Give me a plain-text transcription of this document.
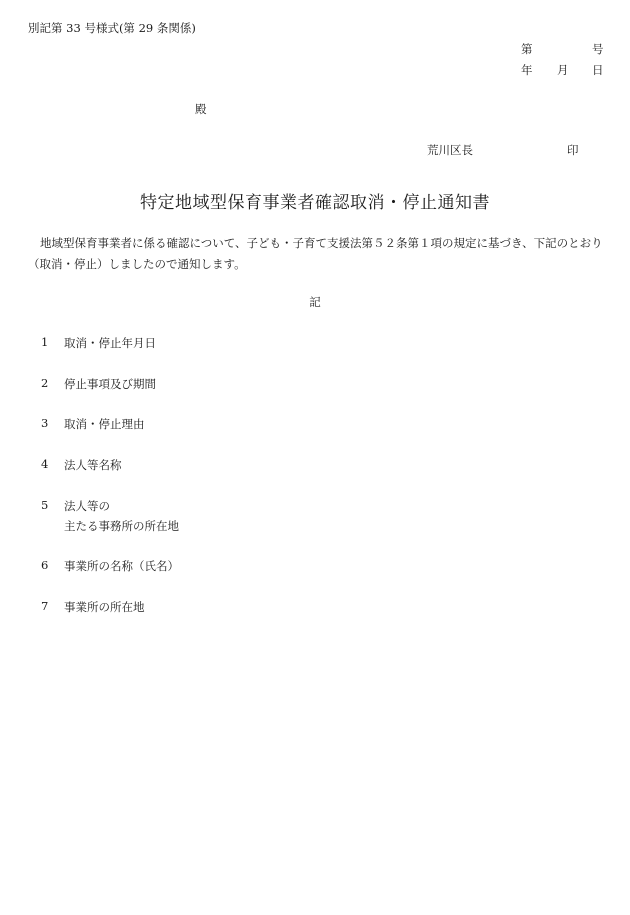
別記第 33 号様式(第 29 条関係)
第	号
年 月 日
殿
荒川区長	印
特定地域型保育事業者確認取消・停止通知書
地域型保育事業者に係る確認について、子ども・子育て支援法第５２条第１項の規定に基づき、下記のとおり（取消・停止）しましたので通知します。
記
1 取消・停止年月日
2 停止事項及び期間
3 取消・停止理由
4 法人等名称
5 法人等の
主たる事務所の所在地
6 事業所の名称（氏名）
7 事業所の所在地
